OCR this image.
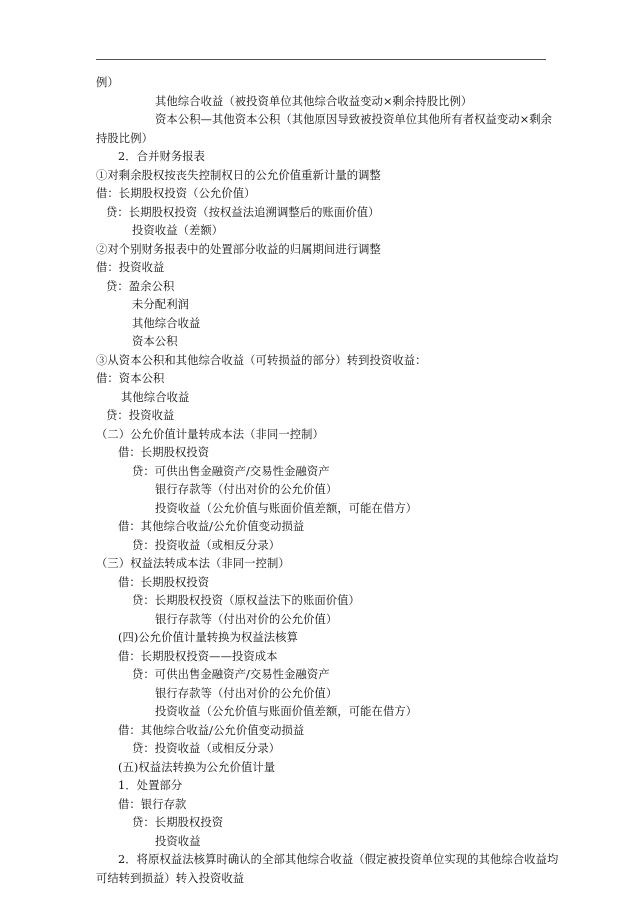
例）
其他综合收益（被投资单位其他综合收益变动×剩余持股比例）
资本公积—其他资本公积（其他原因导致被投资单位其他所有者权益变动×剩余
持股比例）
2．合并财务报表
①对剩余股权按丧失控制权日的公允价值重新计量的调整
借：长期股权投资（公允价值）
贷：长期股权投资（按权益法追溯调整后的账面价值）
投资收益（差额）
②对个别财务报表中的处置部分收益的归属期间进行调整
借：投资收益
贷：盈余公积
未分配利润
其他综合收益
资本公积
③从资本公积和其他综合收益（可转损益的部分）转到投资收益：
借：资本公积
其他综合收益
贷：投资收益
（二）公允价值计量转成本法（非同一控制）
借：长期股权投资
贷：可供出售金融资产/交易性金融资产
银行存款等（付出对价的公允价值）
投资收益（公允价值与账面价值差额，可能在借方）
借：其他综合收益/公允价值变动损益
贷：投资收益（或相反分录）
（三）权益法转成本法（非同一控制）
借：长期股权投资
贷：长期股权投资（原权益法下的账面价值）
银行存款等（付出对价的公允价值）
(四)公允价值计量转换为权益法核算
借：长期股权投资——投资成本
贷：可供出售金融资产/交易性金融资产
银行存款等（付出对价的公允价值）
投资收益（公允价值与账面价值差额，可能在借方）
借：其他综合收益/公允价值变动损益
贷：投资收益（或相反分录）
(五)权益法转换为公允价值计量
1．处置部分
借：银行存款
贷：长期股权投资
投资收益
2．将原权益法核算时确认的全部其他综合收益（假定被投资单位实现的其他综合收益均
可结转到损益）转入投资收益
